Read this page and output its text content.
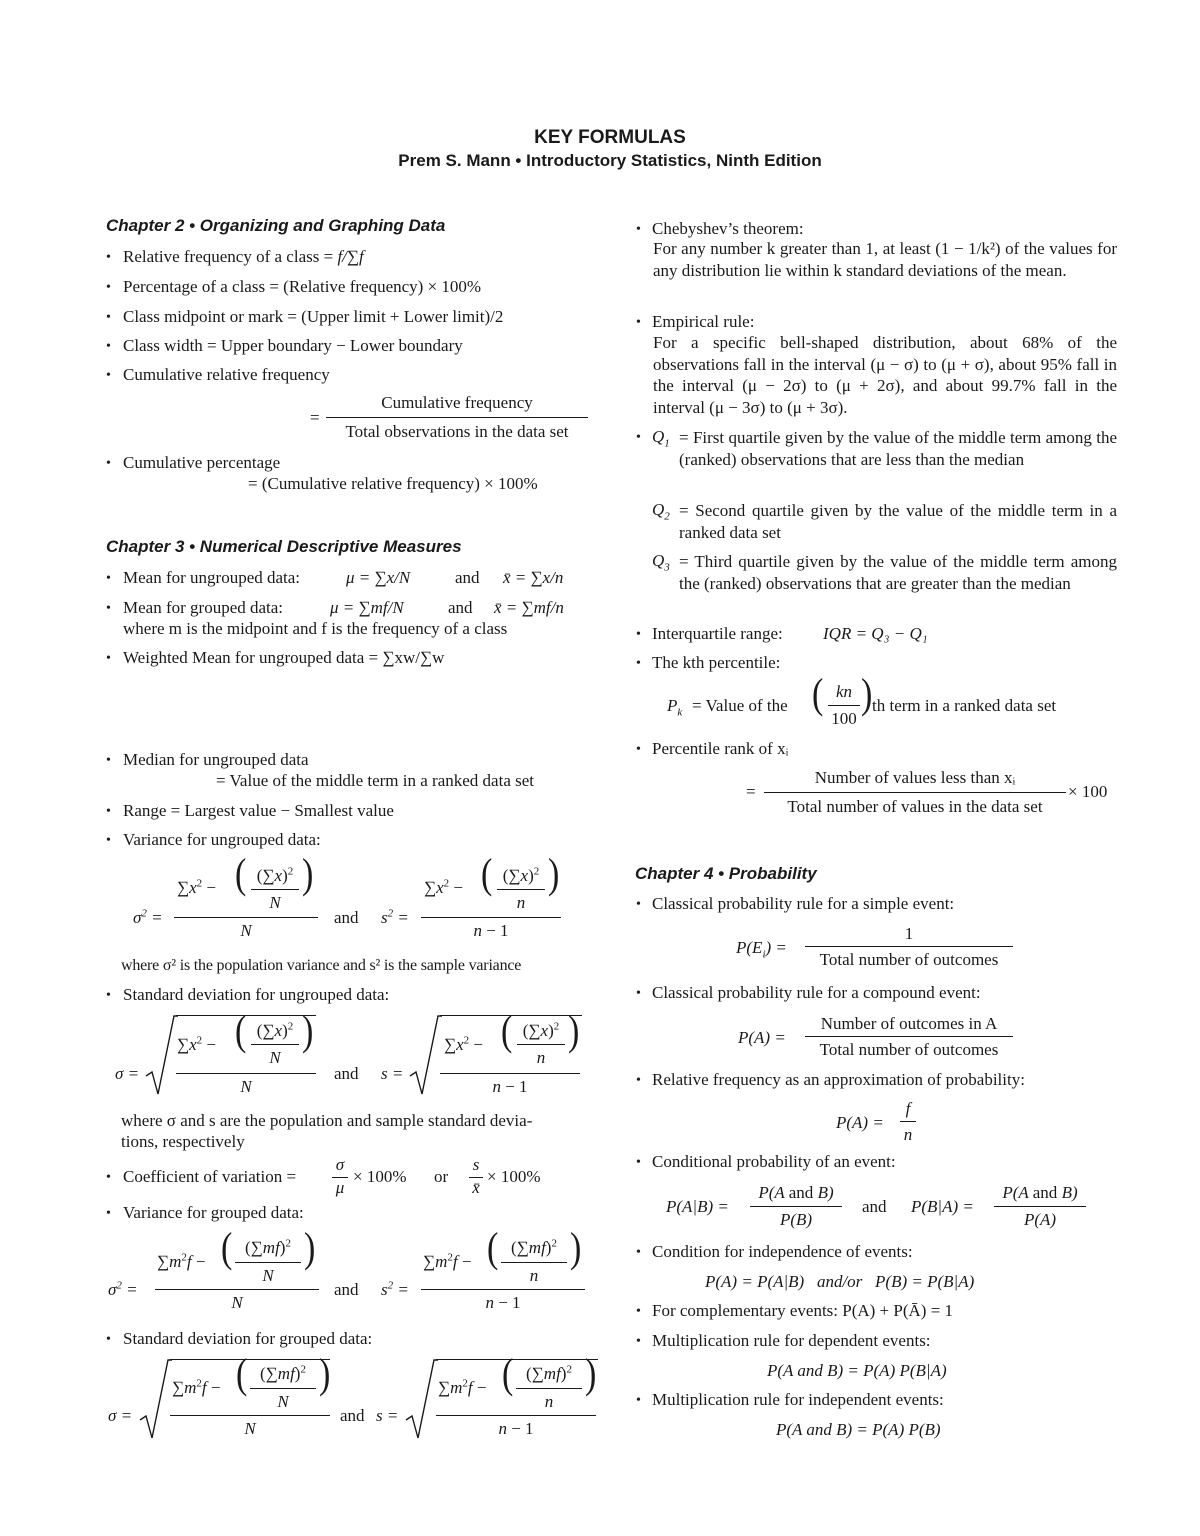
KEY FORMULAS
Prem S. Mann • Introductory Statistics, Ninth Edition
Chapter 2 • Organizing and Graphing Data
• Relative frequency of a class = f/∑f
• Percentage of a class = (Relative frequency) × 100%
• Class midpoint or mark = (Upper limit + Lower limit)/2
• Class width = Upper boundary − Lower boundary
• Cumulative relative frequency
=
Cumulative frequency
Total observations in the data set
• Cumulative percentage
= (Cumulative relative frequency) × 100%
Chapter 3 • Numerical Descriptive Measures
• Mean for ungrouped data:	μ = ∑x/N	and x̄ = ∑x/n
• Mean for grouped data:	μ = ∑mf/N	and x̄ = ∑mf/n
where m is the midpoint and f is the frequency of a class
• Weighted Mean for ungrouped data = ∑xw/∑w
• Median for ungrouped data
= Value of the middle term in a ranked data set
• Range = Largest value − Smallest value
• Variance for ungrouped data:
$\sigma^2$ =
$\sum x^2$ − ( $(\sum x)^2$
N
)
N
and $s^2$ =
$\sum x^2$ − ( $(\sum x)^2$
n
)
n − 1
where σ² is the population variance and s² is the sample variance
• Standard deviation for ungrouped data:
σ =
$\sum x^2$ − ( $(\sum x)^2$
N
)
N
and s =
$\sum x^2$ − ( $(\sum x)^2$
n
)
n − 1
where σ and s are the population and sample standard devia-
tions, respectively
• Coefficient of variation =
σ
μ
× 100% or
s
x̄
× 100%
• Variance for grouped data:
$\sigma^2$ =
$\sum m^2f$ − ( $(\sum mf)^2$
N
)
N
and $s^2$ =
$\sum m^2f$ − ( $(\sum mf)^2$
n
)
n − 1
• Standard deviation for grouped data:
σ =
$\sum m^2f$ − ( $(\sum mf)^2$
N
)
N
and s =
$\sum m^2f$ − ( $(\sum mf)^2$
n
)
n − 1
• Chebyshev’s theorem:
For any number k greater than 1, at least (1 − 1/k²) of the values for any distribution lie within k standard deviations of the mean.
• Empirical rule:
For a specific bell-shaped distribution, about 68% of the observations fall in the interval (μ − σ) to (μ + σ), about 95% fall in the interval (μ − 2σ) to (μ + 2σ), and about 99.7% fall in the interval (μ − 3σ) to (μ + 3σ).
• $Q_1$ = First quartile given by the value of the middle term among the (ranked) observations that are less than the median
$Q_2$ = Second quartile given by the value of the middle term in a ranked data set
$Q_3$ = Third quartile given by the value of the middle term among the (ranked) observations that are greater than the median
• Interquartile range: IQR = Q₃ − Q₁
• The kth percentile:
$P_k$ = Value of the ( kn
100
) th term in a ranked data set
• Percentile rank of xᵢ
=
Number of values less than xᵢ
Total number of values in the data set
× 100
Chapter 4 • Probability
• Classical probability rule for a simple event:
$P(E_i)$ =
1
Total number of outcomes
• Classical probability rule for a compound event:
P(A) =
Number of outcomes in A
Total number of outcomes
• Relative frequency as an approximation of probability:
P(A) =
f
n
• Conditional probability of an event:
P(A|B) =
P(A and B)
P(B)
and P(B|A) =
P(A and B)
P(A)
• Condition for independence of events:
P(A) = P(A|B)   and/or   P(B) = P(B|A)
• For complementary events: P(A) + P(Ā) = 1
• Multiplication rule for dependent events:
P(A and B) = P(A) P(B|A)
• Multiplication rule for independent events:
P(A and B) = P(A) P(B)
